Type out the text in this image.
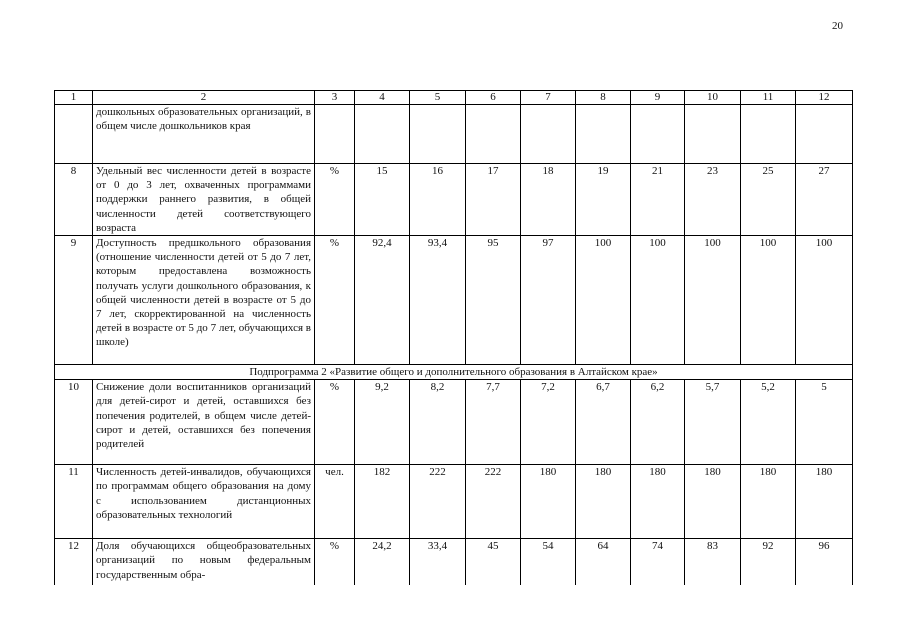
20
1	2	3	4	5	6	7	8	9	10	11	12
	дошкольных образовательных организаций, в общем числе дошкольников края										
8	Удельный вес численности детей в возрасте от 0 до 3 лет, охваченных программами поддержки раннего развития, в общей численности детей соответствующего возраста	%	15	16	17	18	19	21	23	25	27
9	Доступность предшкольного образования (отношение численности детей от 5 до 7 лет, которым предоставлена возможность получать услуги дошкольного образования, к общей численности детей в возрасте от 5 до 7 лет, скорректированной на численность детей в возрасте от 5 до 7 лет, обучающихся в школе)	%	92,4	93,4	95	97	100	100	100	100	100
Подпрограмма 2 «Развитие общего и дополнительного образования в Алтайском крае»											
10	Снижение доли воспитанников организаций для детей-сирот и детей, оставшихся без попечения родителей, в общем числе детей-сирот и детей, оставшихся без попечения родителей	%	9,2	8,2	7,7	7,2	6,7	6,2	5,7	5,2	5
11	Численность детей-инвалидов, обучающихся по программам общего образования на дому с использованием дистанционных образовательных технологий	чел.	182	222	222	180	180	180	180	180	180
12	Доля обучающихся общеобразовательных организаций по новым федеральным государственным обра-	%	24,2	33,4	45	54	64	74	83	92	96
